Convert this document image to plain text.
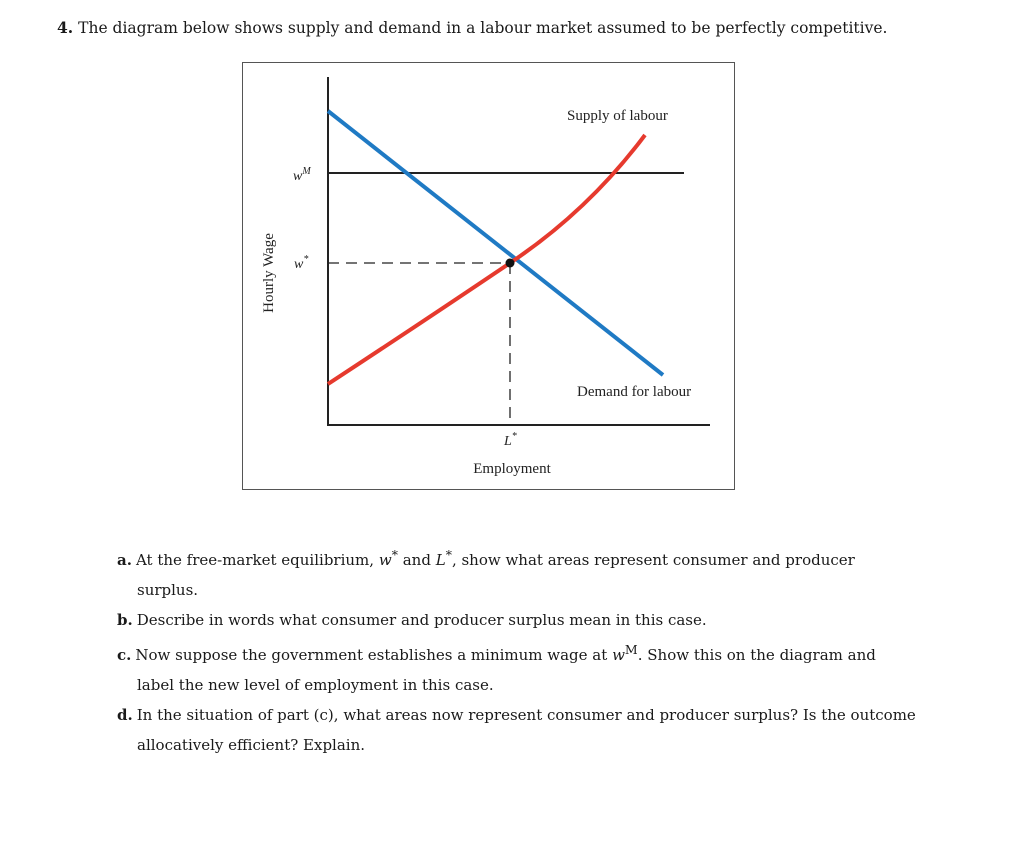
4. The diagram below shows supply and demand in a labour market assumed to be perfectly competitive.
Hourly Wage
$w^M$
w*
L*
Employment
Supply of labour
Demand for labour

a. At the free-market equilibrium, w* and L*, show what areas represent consumer and producer

surplus.

b. Describe in words what consumer and producer surplus mean in this case.

c. Now suppose the government establishes a minimum wage at $w^M$. Show this on the diagram and

label the new level of employment in this case.

d. In the situation of part (c), what areas now represent consumer and producer surplus? Is the outcome

allocatively efficient? Explain.
